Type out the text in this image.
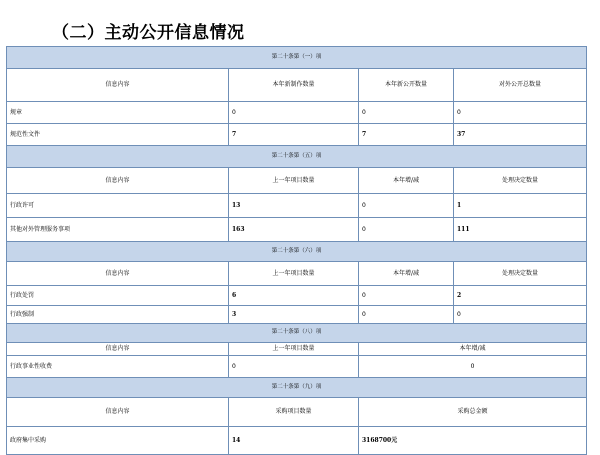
（二）主动公开信息情况
第二十条第（一）项			
信息内容	本年新制作数量	本年新公开数量	对外公开总数量
规章	0	0	0
规范性文件	7	7	37
第二十条第（五）项			
信息内容	上一年项目数量	本年增/减	处理决定数量
行政许可	13	0	1
其他对外管理服务事项	163	0	111
第二十条第（六）项			
信息内容	上一年项目数量	本年增/减	处理决定数量
行政处罚	6	0	2
行政强制	3	0	0
第二十条第（八）项			
信息内容	上一年项目数量	本年增/减	
行政事业性收费	0	0	
第二十条第（九）项			
信息内容	采购项目数量	采购总金额	
政府集中采购	14	3168700元	
